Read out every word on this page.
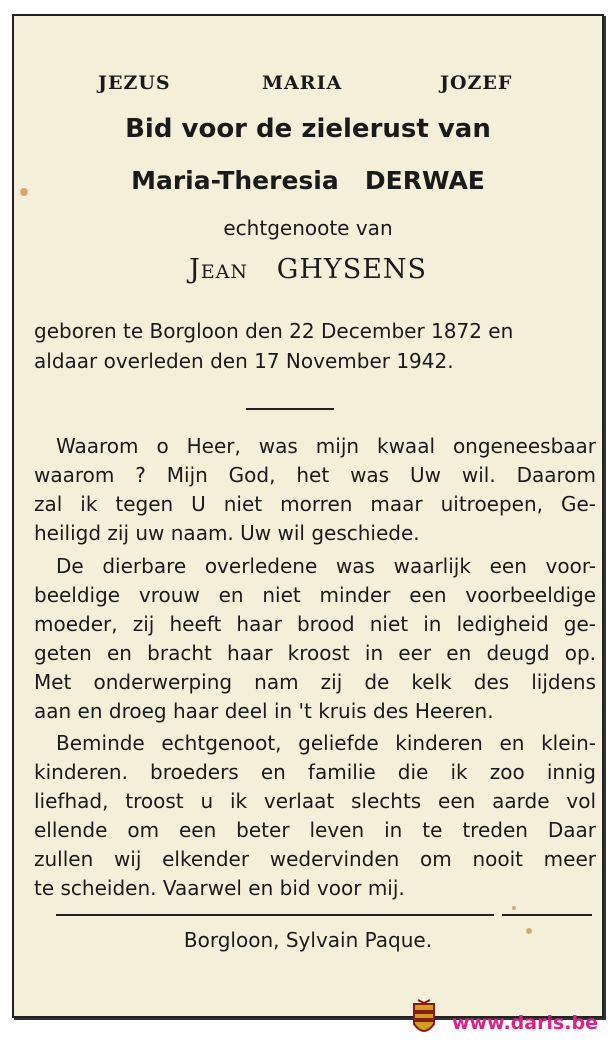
JEZUS	MARIA	JOZEF
Bid voor de zielerust van
Maria-Theresia DERWAE
echtgenoote van
Jean GHYSENS
geboren te Borgloon den 22 December 1872 en
aldaar overleden den 17 November 1942.
Waarom o Heer, was mijn kwaal ongeneesbaar
waarom ? Mijn God, het was Uw wil. Daarom
zal ik tegen U niet morren maar uitroepen, Ge-
heiligd zij uw naam. Uw wil geschiede.
De dierbare overledene was waarlijk een voor-
beeldige vrouw en niet minder een voorbeeldige
moeder, zij heeft haar brood niet in ledigheid ge-
geten en bracht haar kroost in eer en deugd op.
Met onderwerping nam zij de kelk des lijdens
aan en droeg haar deel in 't kruis des Heeren.
Beminde echtgenoot, geliefde kinderen en klein-
kinderen. broeders en familie die ik zoo innig
liefhad, troost u ik verlaat slechts een aarde vol
ellende om een beter leven in te treden Daar
zullen wij elkender wedervinden om nooit meer
te scheiden. Vaarwel en bid voor mij.
Borgloon, Sylvain Paque.
www.daris.be
